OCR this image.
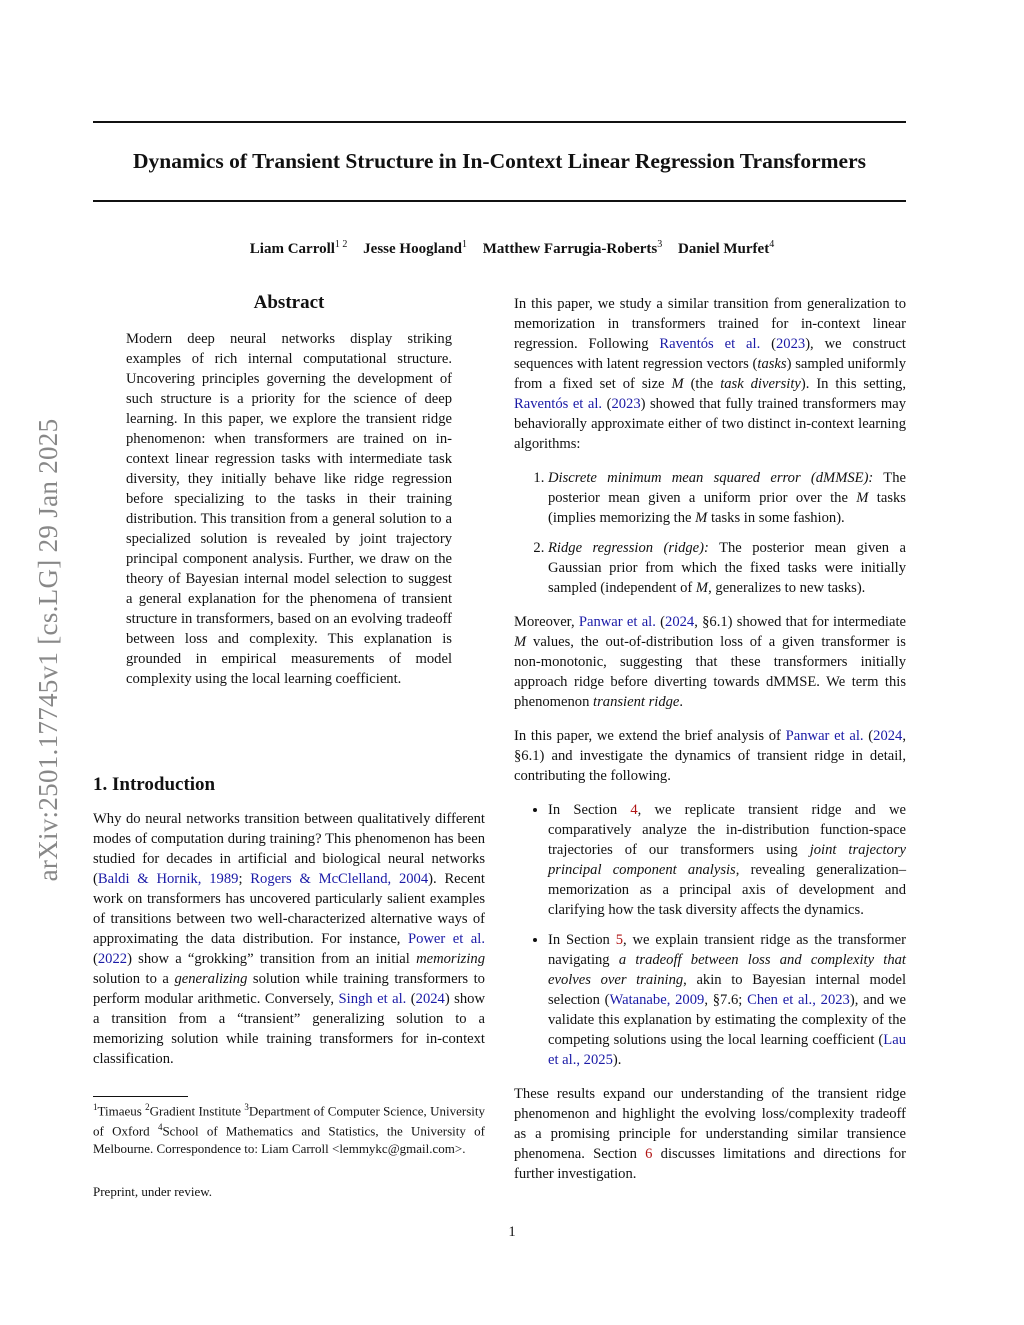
Dynamics of Transient Structure in In-Context Linear Regression Transformers
Liam Carroll$^{1 2}$ Jesse Hoogland$^1$ Matthew Farrugia-Roberts$^3$ Daniel Murfet$^4$
arXiv:2501.17745v1 [cs.LG] 29 Jan 2025
Abstract

Modern deep neural networks display striking examples of rich internal computational structure. Uncovering principles governing the development of such structure is a priority for the science of deep learning. In this paper, we explore the transient ridge phenomenon: when transformers are trained on in-context linear regression tasks with intermediate task diversity, they initially behave like ridge regression before specializing to the tasks in their training distribution. This transition from a general solution to a specialized solution is revealed by joint trajectory principal component analysis. Further, we draw on the theory of Bayesian internal model selection to suggest a general explanation for the phenomena of transient structure in transformers, based on an evolving tradeoff between loss and complexity. This explanation is grounded in empirical measurements of model complexity using the local learning coefficient.

1. Introduction

Why do neural networks transition between qualitatively different modes of computation during training? This phenomenon has been studied for decades in artificial and biological neural networks (Baldi & Hornik, 1989; Rogers & McClelland, 2004). Recent work on transformers has uncovered particularly salient examples of transitions between two well-characterized alternative ways of approximating the data distribution. For instance, Power et al. (2022) show a “grokking” transition from an initial memorizing solution to a generalizing solution while training transformers to perform modular arithmetic. Conversely, Singh et al. (2024) show a transition from a “transient” generalizing solution to a memorizing solution while training transformers for in-context classification.

$^1$Timaeus $^2$Gradient Institute $^3$Department of Computer Science, University of Oxford $^4$School of Mathematics and Statistics, the University of Melbourne. Correspondence to: Liam Carroll <lemmykc@gmail.com>.

Preprint, under review.

In this paper, we study a similar transition from generalization to memorization in transformers trained for in-context linear regression. Following Raventós et al. (2023), we construct sequences with latent regression vectors (tasks) sampled uniformly from a fixed set of size M (the task diversity). In this setting, Raventós et al. (2023) showed that fully trained transformers may behaviorally approximate either of two distinct in-context learning algorithms:

1. Discrete minimum mean squared error (dMMSE): The posterior mean given a uniform prior over the M tasks (implies memorizing the M tasks in some fashion).
2. Ridge regression (ridge): The posterior mean given a Gaussian prior from which the fixed tasks were initially sampled (independent of M, generalizes to new tasks).

Moreover, Panwar et al. (2024, §6.1) showed that for intermediate M values, the out-of-distribution loss of a given transformer is non-monotonic, suggesting that these transformers initially approach ridge before diverting towards dMMSE. We term this phenomenon transient ridge.

In this paper, we extend the brief analysis of Panwar et al. (2024, §6.1) and investigate the dynamics of transient ridge in detail, contributing the following.

• In Section 4, we replicate transient ridge and we comparatively analyze the in-distribution function-space trajectories of our transformers using joint trajectory principal component analysis, revealing generalization–memorization as a principal axis of development and clarifying how the task diversity affects the dynamics.
• In Section 5, we explain transient ridge as the transformer navigating a tradeoff between loss and complexity that evolves over training, akin to Bayesian internal model selection (Watanabe, 2009, §7.6; Chen et al., 2023), and we validate this explanation by estimating the complexity of the competing solutions using the local learning coefficient (Lau et al., 2025).

These results expand our understanding of the transient ridge phenomenon and highlight the evolving loss/complexity tradeoff as a promising principle for understanding similar transience phenomena. Section 6 discusses limitations and directions for further investigation.

1
